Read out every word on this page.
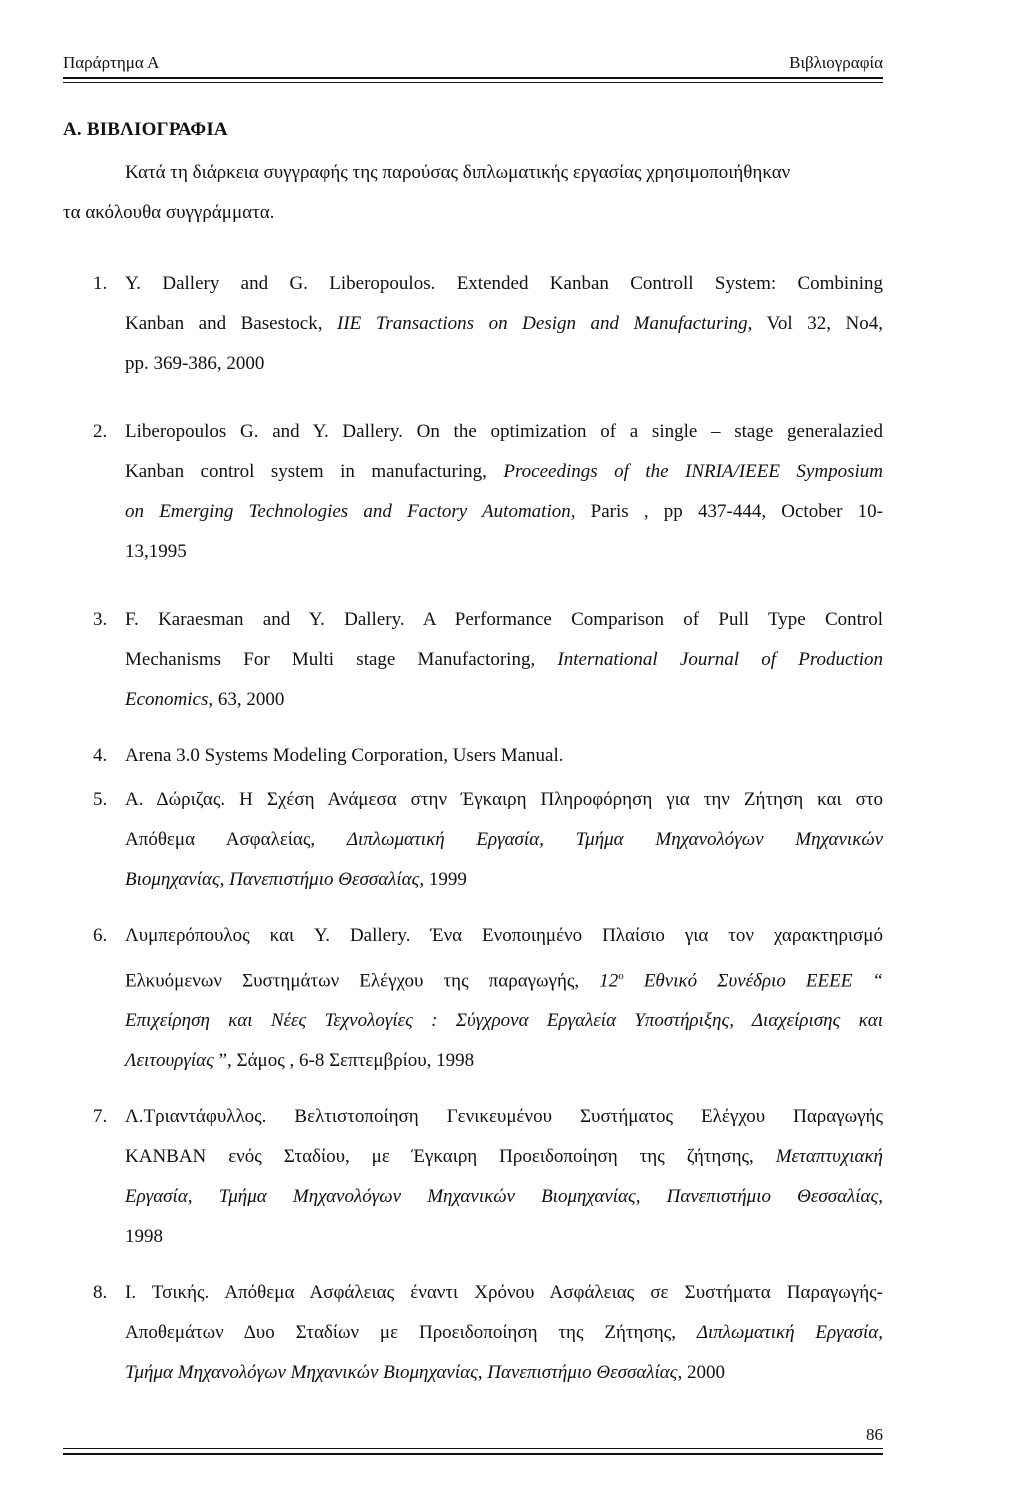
Παράρτημα Α	Βιβλιογραφία
Α. ΒΙΒΛΙΟΓΡΑΦΙΑ
Κατά τη διάρκεια συγγραφής της παρούσας διπλωματικής εργασίας χρησιμοποιήθηκαν
τα ακόλουθα συγγράμματα.
1. Y. Dallery and G. Liberopoulos. Extended Kanban Controll System: Combining
Kanban and Basestock, IIE Transactions on Design and Manufacturing, Vol 32, No4,
pp. 369-386, 2000
2. Liberopoulos G. and Y. Dallery. On the optimization of a single – stage generalazied
Kanban control system in manufacturing, Proceedings of the INRIA/IEEE Symposium
on Emerging Technologies and Factory Automation, Paris , pp 437-444, October 10-
13,1995
3. F. Karaesman and Y. Dallery. A Performance Comparison of Pull Type Control
Mechanisms For Multi stage Manufactoring, International Journal of Production
Economics, 63, 2000
4. Arena 3.0 Systems Modeling Corporation, Users Manual.
5. Α. Δώριζας. Η Σχέση Ανάμεσα στην Έγκαιρη Πληροφόρηση για την Ζήτηση και στο
Απόθεμα Ασφαλείας, Διπλωματική Εργασία, Τμήμα Μηχανολόγων Μηχανικών
Βιομηχανίας, Πανεπιστήμιο Θεσσαλίας, 1999
6. Λυμπερόπουλος και Y. Dallery. Ένα Ενοποιημένο Πλαίσιο για τον χαρακτηρισμό
Ελκυόμενων Συστημάτων Ελέγχου της παραγωγής, $12^o$ Εθνικό Συνέδριο ΕΕΕΕ “
Επιχείρηση και Νέες Τεχνολογίες : Σύγχρονα Εργαλεία Υποστήριξης, Διαχείρισης και
Λειτουργίας ”, Σάμος , 6-8 Σεπτεμβρίου, 1998
7. Λ.Τριαντάφυλλος. Βελτιστοποίηση Γενικευμένου Συστήματος Ελέγχου Παραγωγής
KANBAN ενός Σταδίου, με Έγκαιρη Προειδοποίηση της ζήτησης, Μεταπτυχιακή
Εργασία, Τμήμα Μηχανολόγων Μηχανικών Βιομηχανίας, Πανεπιστήμιο Θεσσαλίας,
1998
8. Ι. Τσικής. Απόθεμα Ασφάλειας έναντι Χρόνου Ασφάλειας σε Συστήματα Παραγωγής-
Αποθεμάτων Δυο Σταδίων με Προειδοποίηση της Ζήτησης, Διπλωματική Εργασία,
Τμήμα Μηχανολόγων Μηχανικών Βιομηχανίας, Πανεπιστήμιο Θεσσαλίας, 2000
86
